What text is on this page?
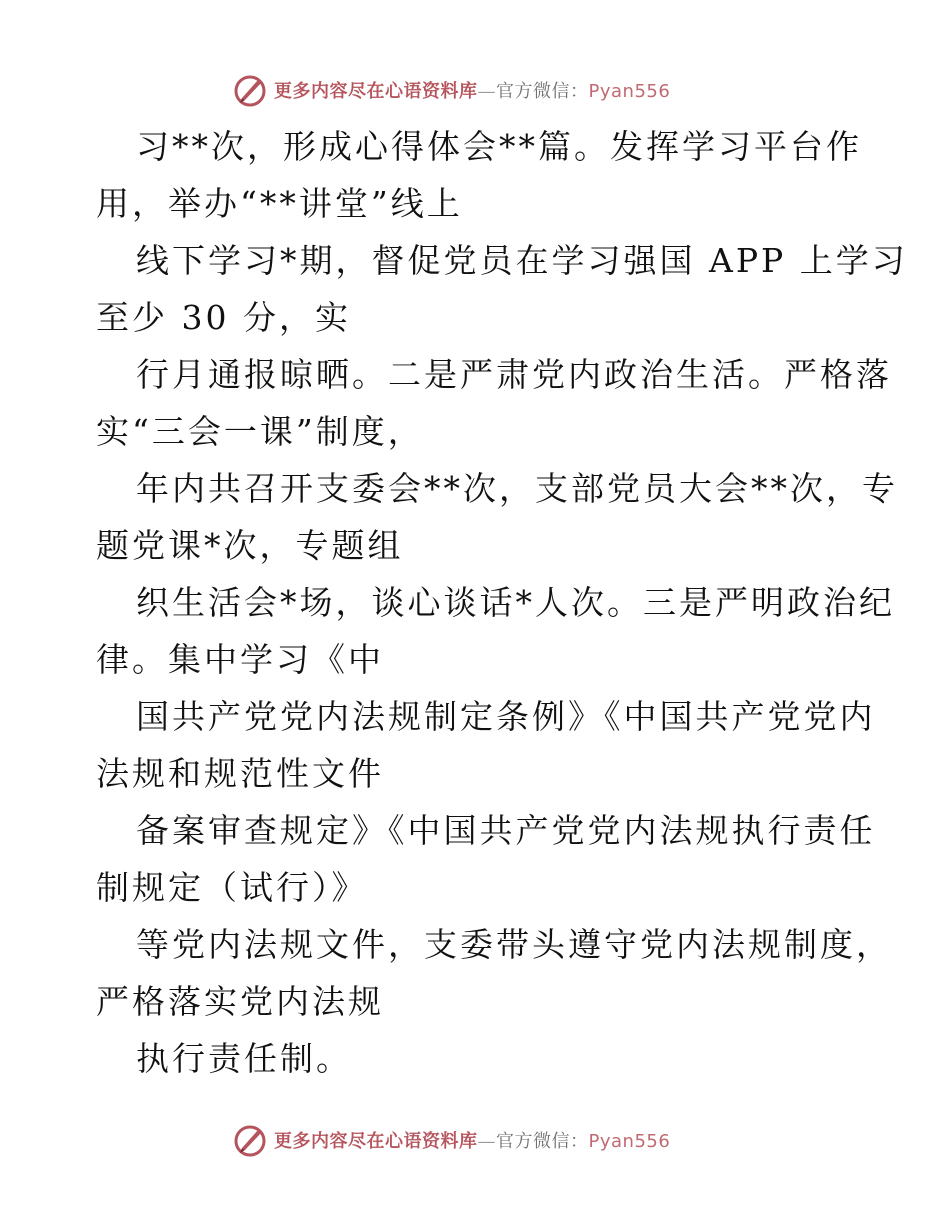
更多内容尽在心语资料库—官方微信：Pyan556
习**次，形成心得体会**篇。发挥学习平台作
用，举办“**讲堂”线上
线下学习*期，督促党员在学习强国 APP 上学习
至少 30 分，实
行月通报晾晒。二是严肃党内政治生活。严格落
实“三会一课”制度，
年内共召开支委会**次，支部党员大会**次，专
题党课*次，专题组
织生活会*场，谈心谈话*人次。三是严明政治纪
律。集中学习《中
国共产党党内法规制定条例》《中国共产党党内
法规和规范性文件
备案审查规定》《中国共产党党内法规执行责任
制规定（试行）》
等党内法规文件，支委带头遵守党内法规制度，
严格落实党内法规
执行责任制。
更多内容尽在心语资料库—官方微信：Pyan556
